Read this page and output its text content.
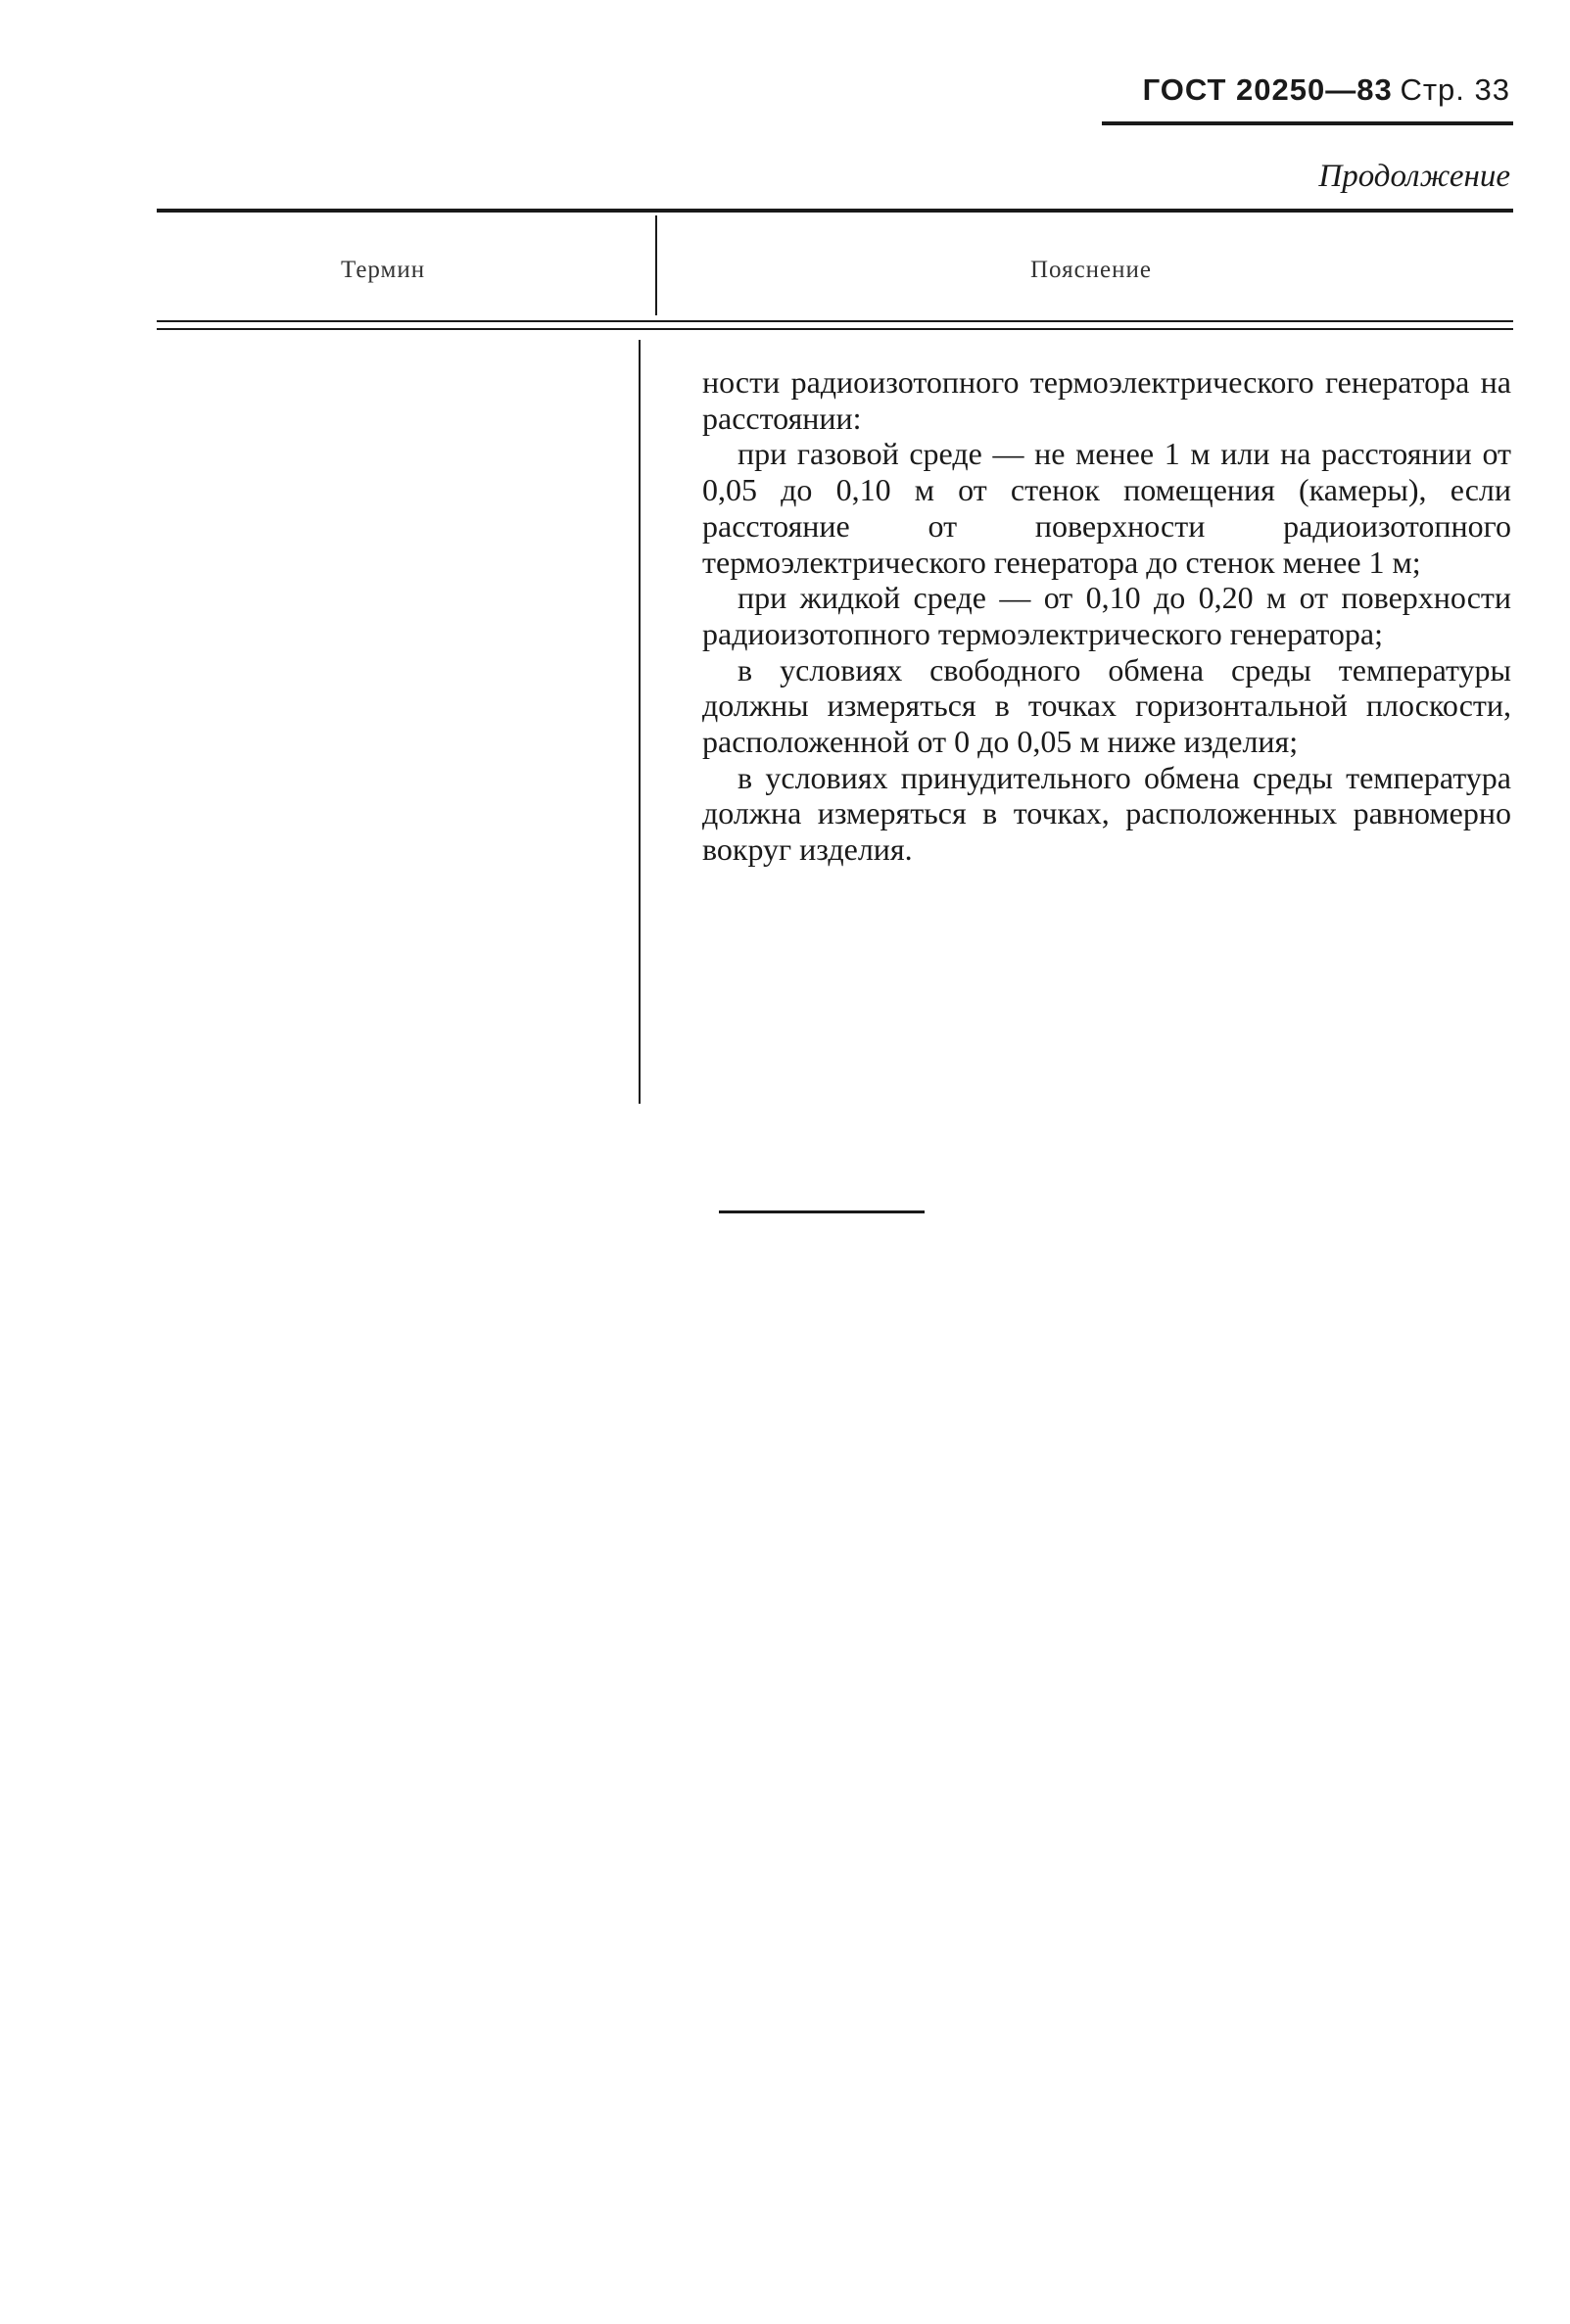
ГОСТ 20250—83 Стр. 33
Продолжение
Термин	Пояснение

ности радиоизотопного термоэлектрического генератора на расстоянии:

при газовой среде — не менее 1 м или на расстоянии от 0,05 до 0,10 м от стенок помещения (камеры), если расстояние от поверхности радиоизотопного термоэлектрического генератора до стенок менее 1 м;

при жидкой среде — от 0,10 до 0,20 м от поверхности радиоизотопного термоэлектрического генератора;

в условиях свободного обмена среды температуры должны измеряться в точках горизонтальной плоскости, расположенной от 0 до 0,05 м ниже изделия;

в условиях принудительного обмена среды температура должна измеряться в точках, расположенных равномерно вокруг изделия.
